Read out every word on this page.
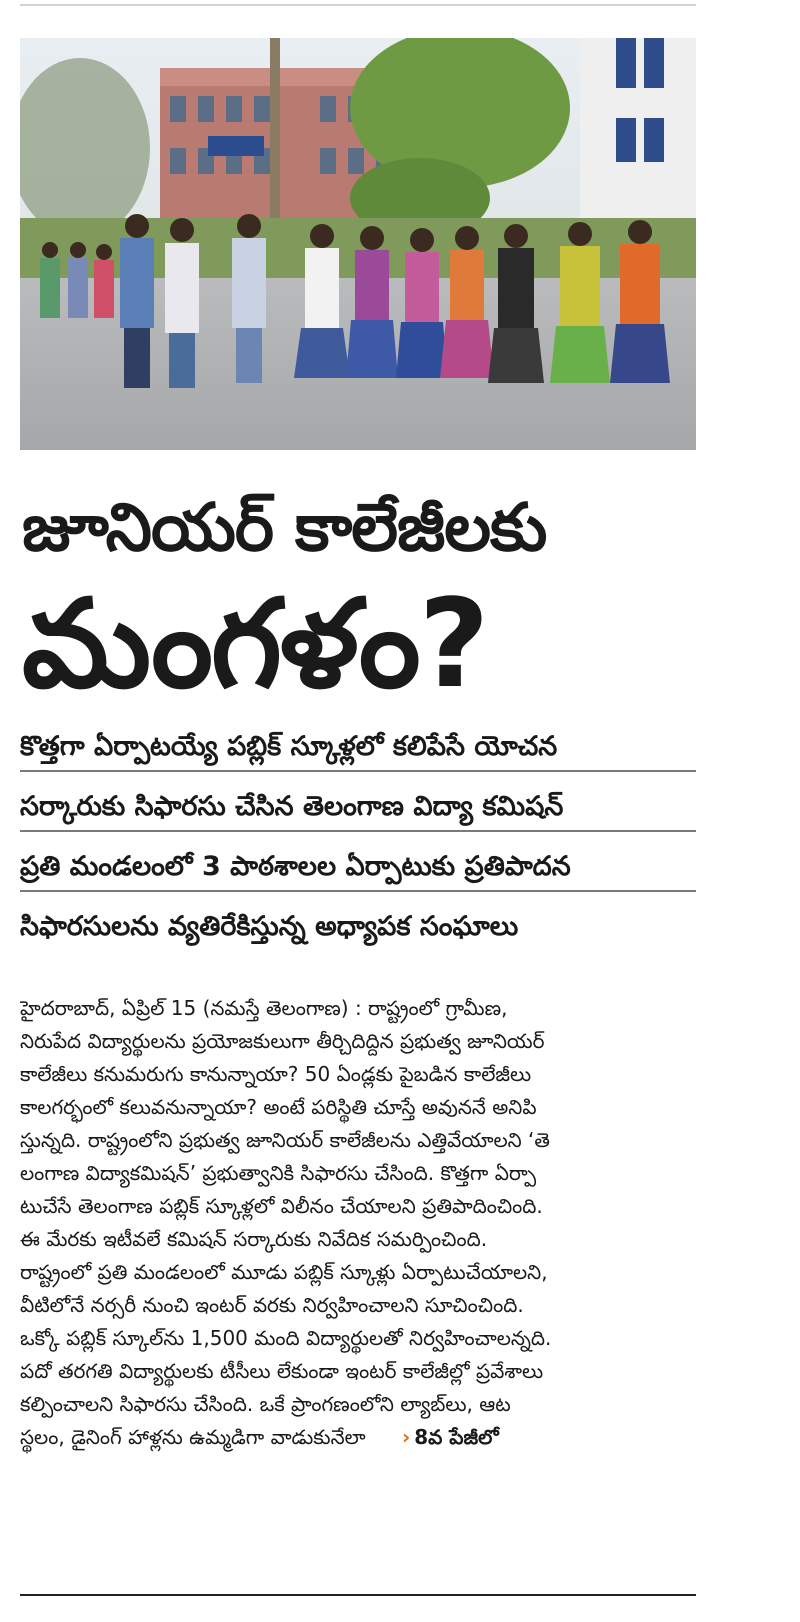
జూనియర్ కాలేజీలకు
మంగళం?
కొత్తగా ఏర్పాటయ్యే పబ్లిక్ స్కూళ్లలో కలిపేసే యోచన
సర్కారుకు సిఫారసు చేసిన తెలంగాణ విద్యా కమిషన్
ప్రతి మండలంలో 3 పాఠశాలల ఏర్పాటుకు ప్రతిపాదన
సిఫారసులను వ్యతిరేకిస్తున్న అధ్యాపక సంఘాలు
హైదరాబాద్, ఏప్రిల్ 15 (నమస్తే తెలంగాణ) : రాష్ట్రంలో గ్రామీణ,
నిరుపేద విద్యార్థులను ప్రయోజకులుగా తీర్చిదిద్దిన ప్రభుత్వ జూనియర్
కాలేజీలు కనుమరుగు కానున్నాయా? 50 ఏండ్లకు పైబడిన కాలేజీలు
కాలగర్భంలో కలువనున్నాయా? అంటే పరిస్థితి చూస్తే అవుననే అనిపి
స్తున్నది. రాష్ట్రంలోని ప్రభుత్వ జూనియర్ కాలేజీలను ఎత్తివేయాలని ‘తె
లంగాణ విద్యాకమిషన్’ ప్రభుత్వానికి సిఫారసు చేసింది. కొత్తగా ఏర్పా
టుచేసే తెలంగాణ పబ్లిక్ స్కూళ్లలో విలీనం చేయాలని ప్రతిపాదించింది.
ఈ మేరకు ఇటీవలే కమిషన్ సర్కారుకు నివేదిక సమర్పించింది.
రాష్ట్రంలో ప్రతి మండలంలో మూడు పబ్లిక్ స్కూళ్లు ఏర్పాటుచేయాలని,
వీటిలోనే నర్సరీ నుంచి ఇంటర్ వరకు నిర్వహించాలని సూచించింది.
ఒక్కో పబ్లిక్ స్కూల్‌ను 1,500 మంది విద్యార్థులతో నిర్వహించాలన్నది.
పదో తరగతి విద్యార్థులకు టీసీలు లేకుండా ఇంటర్ కాలేజీల్లో ప్రవేశాలు
కల్పించాలని సిఫారసు చేసింది. ఒకే ప్రాంగణంలోని ల్యాబ్‌లు, ఆట
స్థలం, డైనింగ్ హాళ్లను ఉమ్మడిగా వాడుకునేలా › 8వ పేజీలో
